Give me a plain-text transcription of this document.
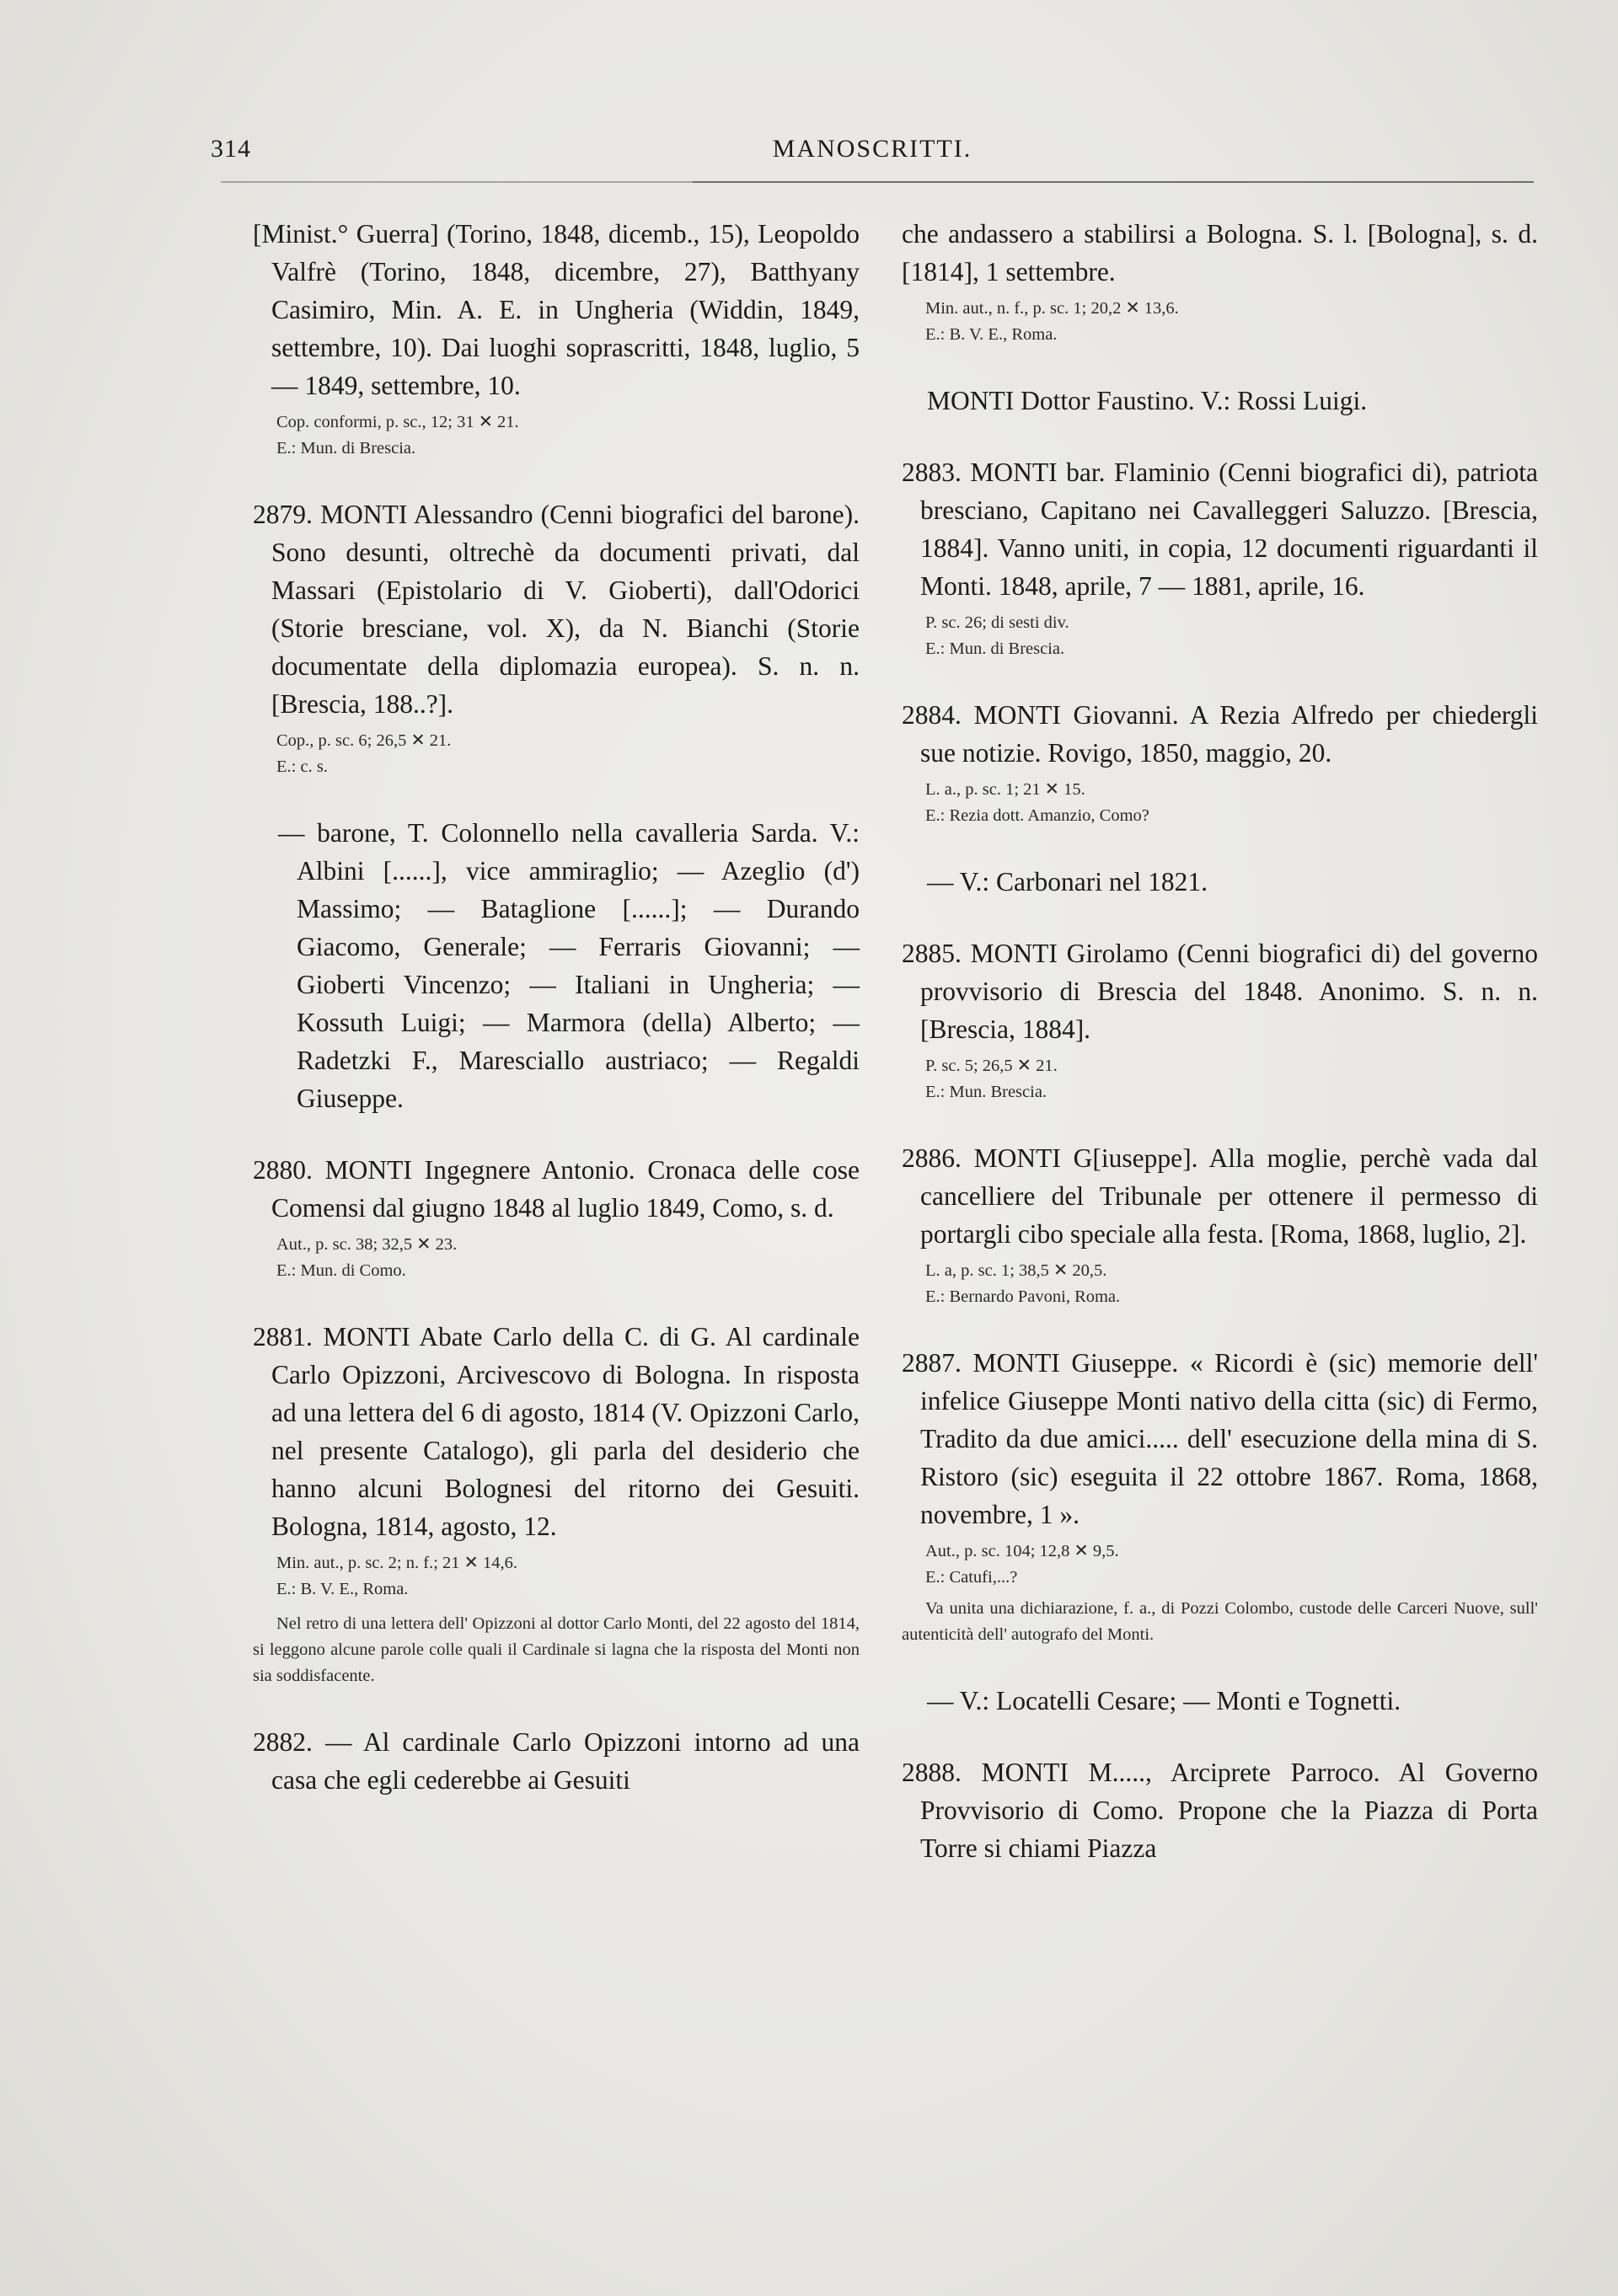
314	MANOSCRITTI.
[Minist.° Guerra] (Torino, 1848, dicemb., 15), Leopoldo Valfrè (Torino, 1848, dicembre, 27), Batthyany Casimiro, Min. A. E. in Ungheria (Widdin, 1849, settembre, 10). Dai luoghi soprascritti, 1848, luglio, 5 — 1849, settembre, 10.
Cop. conformi, p. sc., 12; 31 ✕ 21.
E.: Mun. di Brescia.
2879. MONTI Alessandro (Cenni biografici del barone). Sono desunti, oltrechè da documenti privati, dal Massari (Epistolario di V. Gioberti), dall'Odorici (Storie bresciane, vol. X), da N. Bianchi (Storie documentate della diplomazia europea). S. n. n. [Brescia, 188..?].
Cop., p. sc. 6; 26,5 ✕ 21.
E.: c. s.
— barone, T. Colonnello nella cavalleria Sarda. V.: Albini [......], vice ammiraglio; — Azeglio (d') Massimo; — Bataglione [......]; — Durando Giacomo, Generale; — Ferraris Giovanni; — Gioberti Vincenzo; — Italiani in Ungheria; — Kossuth Luigi; — Marmora (della) Alberto; — Radetzki F., Maresciallo austriaco; — Regaldi Giuseppe.
2880. MONTI Ingegnere Antonio. Cronaca delle cose Comensi dal giugno 1848 al luglio 1849, Como, s. d.
Aut., p. sc. 38; 32,5 ✕ 23.
E.: Mun. di Como.
2881. MONTI Abate Carlo della C. di G. Al cardinale Carlo Opizzoni, Arcivescovo di Bologna. In risposta ad una lettera del 6 di agosto, 1814 (V. Opizzoni Carlo, nel presente Catalogo), gli parla del desiderio che hanno alcuni Bolognesi del ritorno dei Gesuiti. Bologna, 1814, agosto, 12.
Min. aut., p. sc. 2; n. f.; 21 ✕ 14,6.
E.: B. V. E., Roma.
Nel retro di una lettera dell' Opizzoni al dottor Carlo Monti, del 22 agosto del 1814, si leggono alcune parole colle quali il Cardinale si lagna che la risposta del Monti non sia soddisfacente.
2882. — Al cardinale Carlo Opizzoni intorno ad una casa che egli cederebbe ai Gesuiti
che andassero a stabilirsi a Bologna. S. l. [Bologna], s. d. [1814], 1 settembre.
Min. aut., n. f., p. sc. 1; 20,2 ✕ 13,6.
E.: B. V. E., Roma.
MONTI Dottor Faustino. V.: Rossi Luigi.
2883. MONTI bar. Flaminio (Cenni biografici di), patriota bresciano, Capitano nei Cavalleggeri Saluzzo. [Brescia, 1884]. Vanno uniti, in copia, 12 documenti riguardanti il Monti. 1848, aprile, 7 — 1881, aprile, 16.
P. sc. 26; di sesti div.
E.: Mun. di Brescia.
2884. MONTI Giovanni. A Rezia Alfredo per chiedergli sue notizie. Rovigo, 1850, maggio, 20.
L. a., p. sc. 1; 21 ✕ 15.
E.: Rezia dott. Amanzio, Como?
— V.: Carbonari nel 1821.
2885. MONTI Girolamo (Cenni biografici di) del governo provvisorio di Brescia del 1848. Anonimo. S. n. n. [Brescia, 1884].
P. sc. 5; 26,5 ✕ 21.
E.: Mun. Brescia.
2886. MONTI G[iuseppe]. Alla moglie, perchè vada dal cancelliere del Tribunale per ottenere il permesso di portargli cibo speciale alla festa. [Roma, 1868, luglio, 2].
L. a, p. sc. 1; 38,5 ✕ 20,5.
E.: Bernardo Pavoni, Roma.
2887. MONTI Giuseppe. « Ricordi è (sic) memorie dell' infelice Giuseppe Monti nativo della citta (sic) di Fermo, Tradito da due amici..... dell' esecuzione della mina di S. Ristoro (sic) eseguita il 22 ottobre 1867. Roma, 1868, novembre, 1 ».
Aut., p. sc. 104; 12,8 ✕ 9,5.
E.: Catufi,...?
Va unita una dichiarazione, f. a., di Pozzi Colombo, custode delle Carceri Nuove, sull' autenticità dell' autografo del Monti.
— V.: Locatelli Cesare; — Monti e Tognetti.
2888. MONTI M....., Arciprete Parroco. Al Governo Provvisorio di Como. Propone che la Piazza di Porta Torre si chiami Piazza
